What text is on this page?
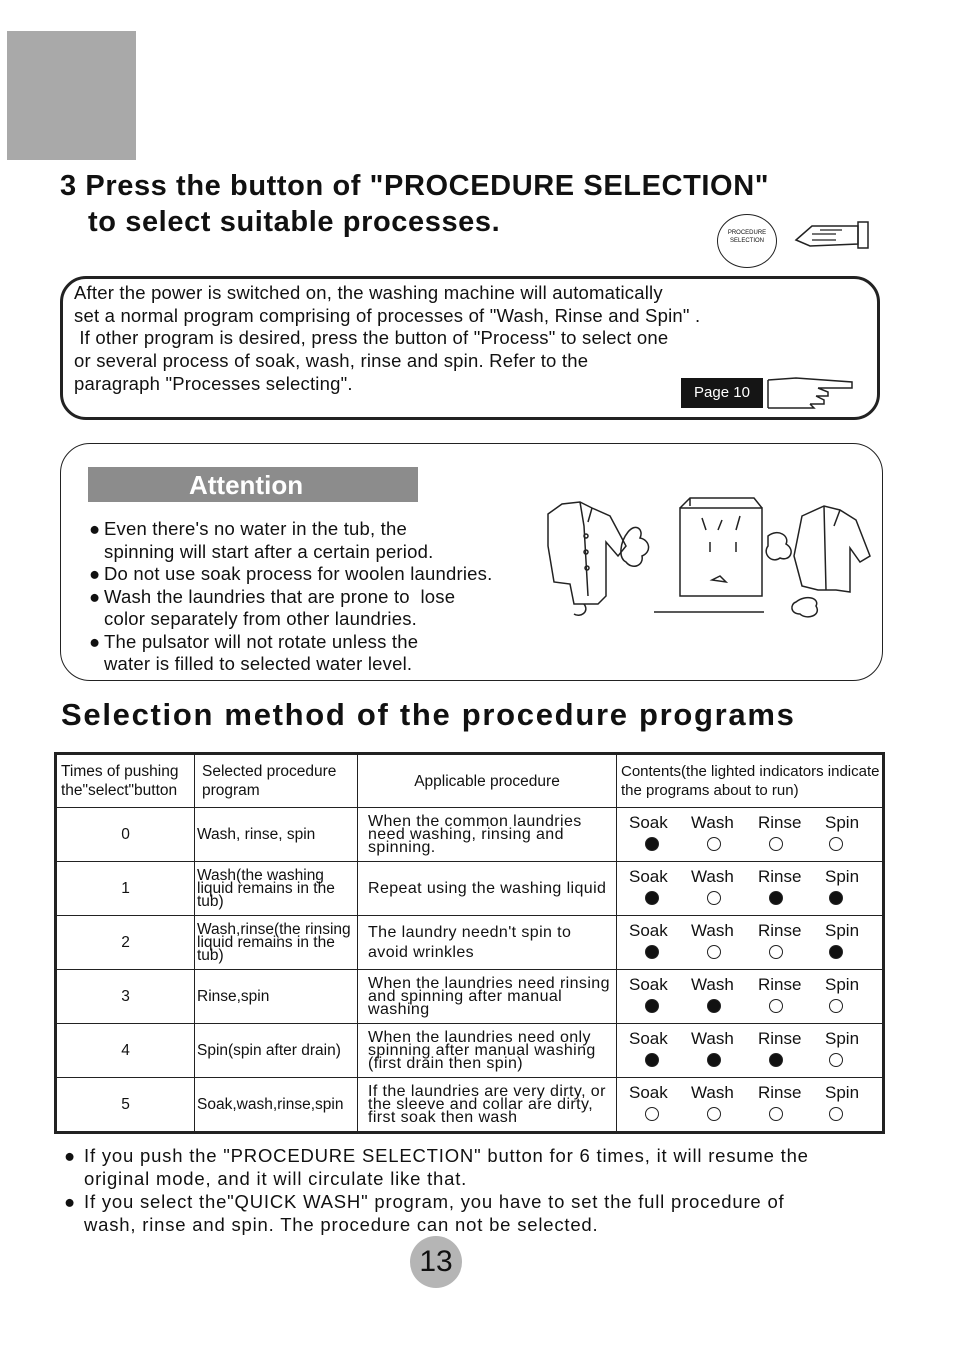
3 Press the button of "PROCEDURE SELECTION"
to select suitable processes.	PROCEDURE
SELECTION

After the power is switched on, the washing machine will automatically
set a normal program comprising of processes of "Wash, Rinse and Spin" .
If other program is desired, press the button of "Process" to select one
or several process of soak, wash, rinse and spin. Refer to the
paragraph "Processes selecting".	Page 10
Attention
● Even there's no water in the tub, the
spinning will start after a certain period.
● Do not use soak process for woolen laundries.
● Wash the laundries that are prone to  lose
color separately from other laundries.
● The pulsator will not rotate unless the
water is filled to selected water level.
Selection method of the procedure programs
Times of pushing the"select"button	Selected procedure program	Applicable procedure	Contents(the lighted indicators indicate the programs about to run)
0	Wash, rinse, spin	When the common laundries need washing, rinsing and spinning.	Soak Wash Rinse Spin

1	Wash(the washing liquid remains in the tub)	Repeat using the washing liquid	Soak Wash Rinse Spin

2	Wash,rinse(the rinsing liquid remains in the tub)	The laundry needn't spin to avoid wrinkles	Soak Wash Rinse Spin

3	Rinse,spin	When the laundries need rinsing and spinning after manual washing	Soak Wash Rinse Spin

4	Spin(spin after drain)	When the laundries need only spinning after manual washing (first drain then spin)	Soak Wash Rinse Spin

5	Soak,wash,rinse,spin	If the laundries are very dirty, or the sleeve and collar are dirty, first soak then wash	Soak Wash Rinse Spin
● If you push the "PROCEDURE SELECTION" button for 6 times, it will resume the
original mode, and it will circulate like that.
● If you select the"QUICK WASH" program, you have to set the full procedure of
wash, rinse and spin. The procedure can not be selected.
13
